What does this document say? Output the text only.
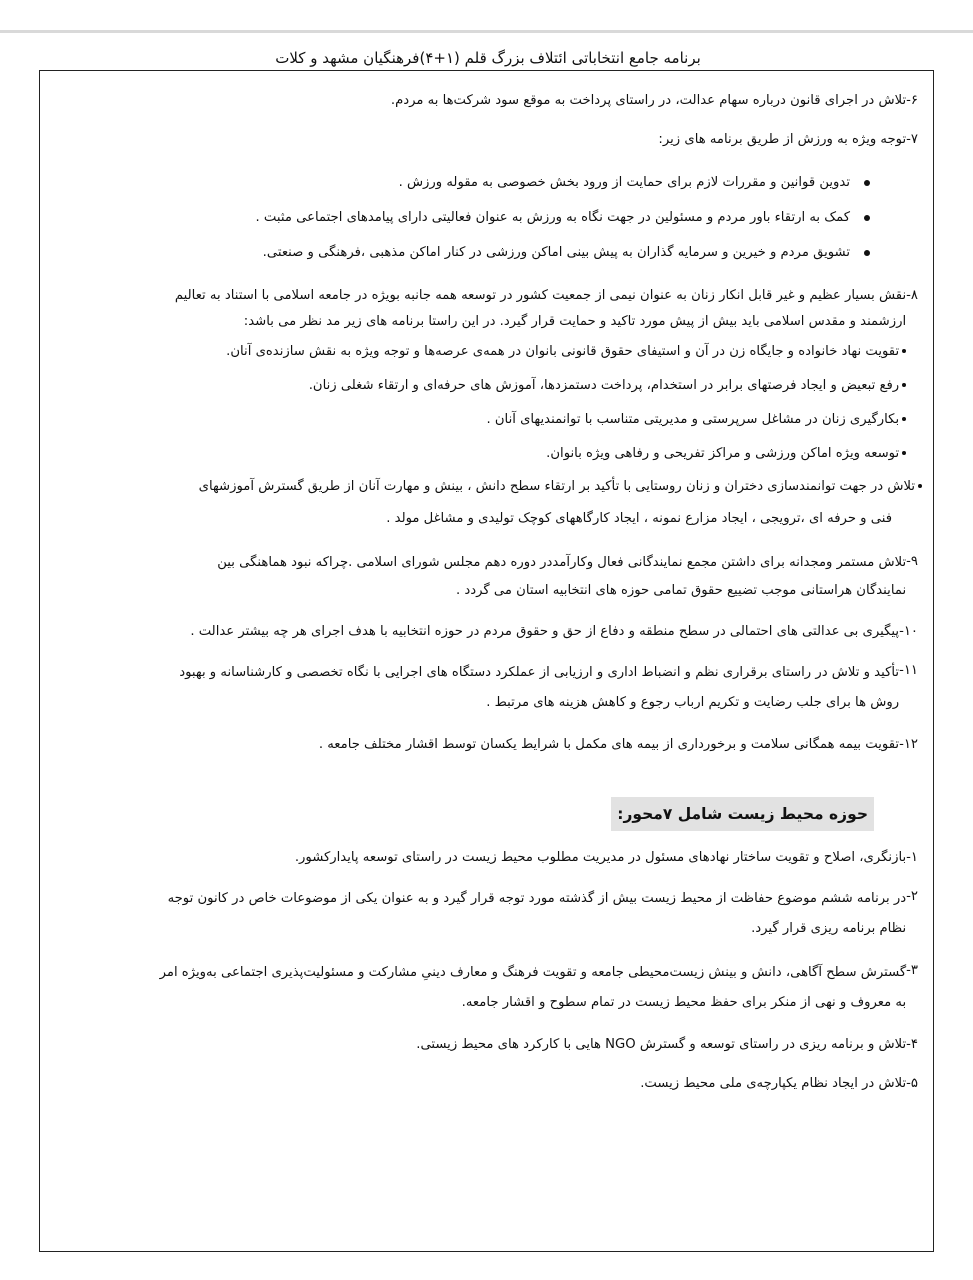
برنامه جامع انتخاباتی ائتلاف بزرگ قلم (۱+۴)فرهنگیان مشهد و کلات
۶-
تلاش در اجرای قانون درباره سهام عدالت، در راستای پرداخت به موقع سود شرکت‌ها به مردم.
۷-
توجه ویژه به ورزش از طریق برنامه های زیر:
تدوین قوانین و مقررات لازم برای حمایت از ورود بخش خصوصی به مقوله ورزش .
کمک به ارتقاء باور مردم و مسئولین در جهت نگاه به ورزش به عنوان فعالیتی دارای پیامدهای اجتماعی مثبت .
تشویق مردم و خیرین و سرمایه گذاران به پیش بینی اماکن ورزشی در کنار اماکن مذهبی ،فرهنگی و صنعتی.
۸-
نقش بسیار عظیم و غیر قابل انکار زنان به عنوان نیمی از جمعیت کشور در توسعه همه جانبه بویژه در جامعه اسلامی با استناد به تعالیم
ارزشمند و مقدس اسلامی باید بیش از پیش مورد تاکید و حمایت قرار گیرد. در این راستا برنامه های زیر مد نظر می باشد:
تقویت نهاد خانواده و جایگاه زن در آن و استیفای حقوق قانونی بانوان در همه‌ی عرصه‌ها و توجه ویژه به نقش سازنده‌ی آنان.
رفع تبعیض و ایجاد فرصتهای برابر در استخدام، پرداخت دستمزدها، آموزش های حرفه‌ای و ارتقاء شغلی زنان.
بکارگیری زنان در مشاغل سرپرستی و مدیریتی متناسب با توانمندیهای آنان .
توسعه ویژه اماکن ورزشی و مراکز تفریحی و رفاهی ویژه بانوان.
تلاش در جهت توانمندسازی دختران و زنان روستایی با تأکید بر ارتقاء سطح دانش ، بینش و مهارت آنان از طریق گسترش آموزشهای
فنی و حرفه ای ،ترویجی ، ایجاد مزارع نمونه ، ایجاد کارگاههای کوچک تولیدی و مشاغل مولد .
۹-
تلاش مستمر ومجدانه برای داشتن مجمع نمایندگانی فعال وکارآمددر دوره دهم مجلس شورای اسلامی .چراکه نبود هماهنگی بین
نمایندگان هراستانی موجب تضییع حقوق تمامی حوزه های انتخابیه استان می گردد .
۱۰-
پیگیری بی عدالتی های احتمالی در سطح منطقه و دفاع از حق و حقوق مردم در حوزه انتخابیه با هدف اجرای هر چه بیشتر عدالت .
۱۱-
تأکید و تلاش در راستای برقراری نظم و انضباط اداری و ارزیابی از عملکرد دستگاه های اجرایی با نگاه تخصصی و کارشناسانه و بهبود
روش ها برای جلب رضایت و تکریم ارباب رجوع و کاهش هزینه های مرتبط .
۱۲-
تقویت بیمه همگانی سلامت و برخورداری از بیمه های مکمل با شرایط یکسان توسط اقشار مختلف جامعه .
حوزه محیط زیست شامل ۷محور:
۱-
بازنگری، اصلاح و تقویت ساختار نهادهای مسئول در مدیریت مطلوب محیط زیست در راستای توسعه پایدارکشور.
۲-
در برنامه ششم موضوع حفاظت از محیط زیست بیش از گذشته مورد توجه قرار گیرد و به عنوان یکی از موضوعات خاص در کانون توجه
نظام برنامه ریزی قرار گیرد.
۳-
گسترش سطح آگاهی، دانش و بینش زیست‌محیطی جامعه و تقویت فرهنگ و معارف دینیِ مشارکت و مسئولیت‌پذیری اجتماعی به‌ویژه امر
به معروف و نهی از منکر برای حفظ محیط زیست در تمام سطوح و اقشار جامعه.
۴-
تلاش و برنامه ریزی در راستای توسعه و گسترش NGO هایی با کارکرد های محیط زیستی.
۵-
تلاش در ایجاد نظام یکپارچه‌ی ملی محیط زیست.
